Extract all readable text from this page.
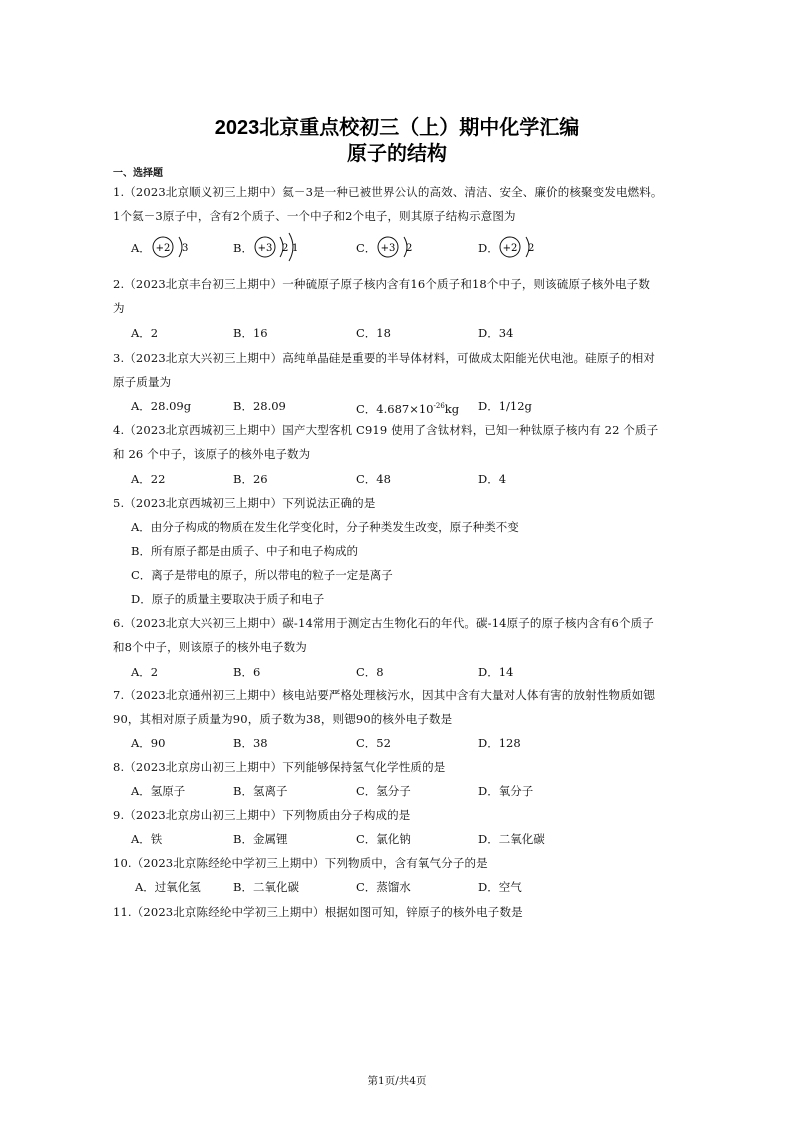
2023北京重点校初三（上）期中化学汇编
原子的结构
一、选择题
1.（2023北京顺义初三上期中）氦－3是一种已被世界公认的高效、清洁、安全、廉价的核聚变发电燃料。
1个氦－3原子中，含有2个质子、一个中子和2个电子，则其原子结构示意图为
A． +2 3	B． +3 2 1	C． +3 2	D． +2 2
2.（2023北京丰台初三上期中）一种硫原子原子核内含有16个质子和18个中子，则该硫原子核外电子数
为
A．2	B．16	C．18	D．34
3.（2023北京大兴初三上期中）高纯单晶硅是重要的半导体材料，可做成太阳能光伏电池。硅原子的相对
原子质量为
A．28.09g	B．28.09	C．$4.687\times 10^{-26}kg$ D．1/12g
4.（2023北京西城初三上期中）国产大型客机 C919 使用了含钛材料，已知一种钛原子核内有 22 个质子
和 26 个中子，该原子的核外电子数为
A．22	B．26	C．48	D．4
5.（2023北京西城初三上期中）下列说法正确的是
A．由分子构成的物质在发生化学变化时，分子种类发生改变，原子种类不变
B．所有原子都是由质子、中子和电子构成的
C．离子是带电的原子，所以带电的粒子一定是离子
D．原子的质量主要取决于质子和电子
6.（2023北京大兴初三上期中）碳-14常用于测定古生物化石的年代。碳-14原子的原子核内含有6个质子
和8个中子，则该原子的核外电子数为
A．2	B．6	C．8	D．14
7.（2023北京通州初三上期中）核电站要严格处理核污水，因其中含有大量对人体有害的放射性物质如锶
90，其相对原子质量为90，质子数为38，则锶90的核外电子数是
A．90	B．38	C．52	D．128
8.（2023北京房山初三上期中）下列能够保持氢气化学性质的是
A．氢原子	B．氢离子	C．氢分子	D．氧分子
9.（2023北京房山初三上期中）下列物质由分子构成的是
A．铁	B．金属锂	C．氯化钠	D．二氧化碳
10.（2023北京陈经纶中学初三上期中）下列物质中，含有氧气分子的是
A．过氧化氢	B．二氧化碳	C．蒸馏水	D．空气
11.（2023北京陈经纶中学初三上期中）根据如图可知，锌原子的核外电子数是
第1页/共4页
